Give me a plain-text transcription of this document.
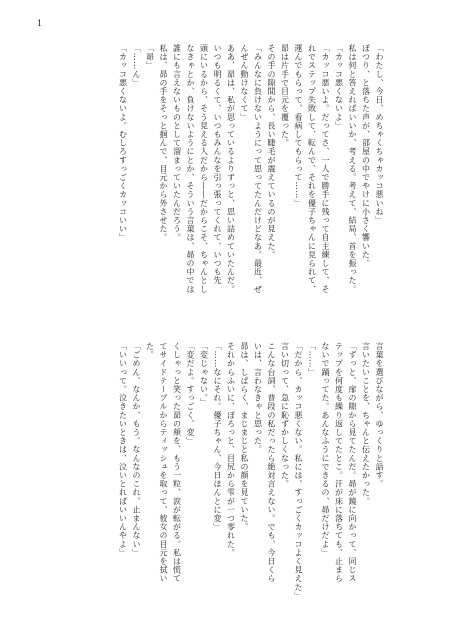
1
「わたし、今日、めちゃくちゃカッコ悪いね」
ぽつり、と落ちた声が、部屋の中でやけに小さく響いた。
私は何と答えればいいか、考える。考えて、結局、首を振った。
「カッコ悪くないよ」
「カッコ悪いよ。だってさ、一人で勝手に残って自主練して、そ
れでステップ失敗して、転んで、それを優子ちゃんに見られて、
運んでもらって、看病してもらって……」
昴は片手で目元を覆った。
その手の隙間から、長い睫毛が震えているのが見えた。
「みんなに負けないようにって思ってたんだけどなあ。最近、ぜ
んぜん動けなくて」
ああ、昴は、私が思っているよりずっと、思い詰めていたんだ。
いつも明るくて、いつもみんなを引っ張ってくれて、いつも先
頭にいるから、そう見える人だから――だからこそ、ちゃんとし
なきゃとか、負けないようにとか、そういう言葉は、昴の中では
誰にも言えないものとして溜まっていたんだろう。
私は、昴の手をそっと掴んで、目元から外させた。
「昴」
「……ん」
「カッコ悪くないよ。むしろすっごくカッコいい」
言葉を選びながら、ゆっくりと話す。
言いたいことを、ちゃんと伝えたかった。
「ずっと、扉の隙から見てたんだ。昴が鏡に向かって、同じス
テップを何度も繰り返してたとこ。汗が床に落ちても、止まら
ないで踊ってた。あんなふうにできるの、昴だけだよ」
「……」
「だから、カッコ悪くない。私には、すっごくカッコよく見えた」
言い切って、急に恥ずかしくなった。
こんな台詞、普段の私だったら絶対言えない。でも、今日くら
いは、言わなきゃと思った。
昴は、しばらく、まじまじと私の顔を見ていた。
それからふいに、ぽろっと、目尻から雫が一つ零れた。
「……なにそれ。優子ちゃん、今日ほんとに変」
「変じゃない。」
「変だよ。すっごく、変」
くしゃっと笑った昴の頬を、もう一粒、涙が転がる。私は慌て
てサイドテーブルからティッシュを取って、彼女の目元を拭い
た。
「ごめん、なんか、もう。なんなのこれ、止まんない」
「いいって。泣きたいときは、泣いとればいいんやよ」
